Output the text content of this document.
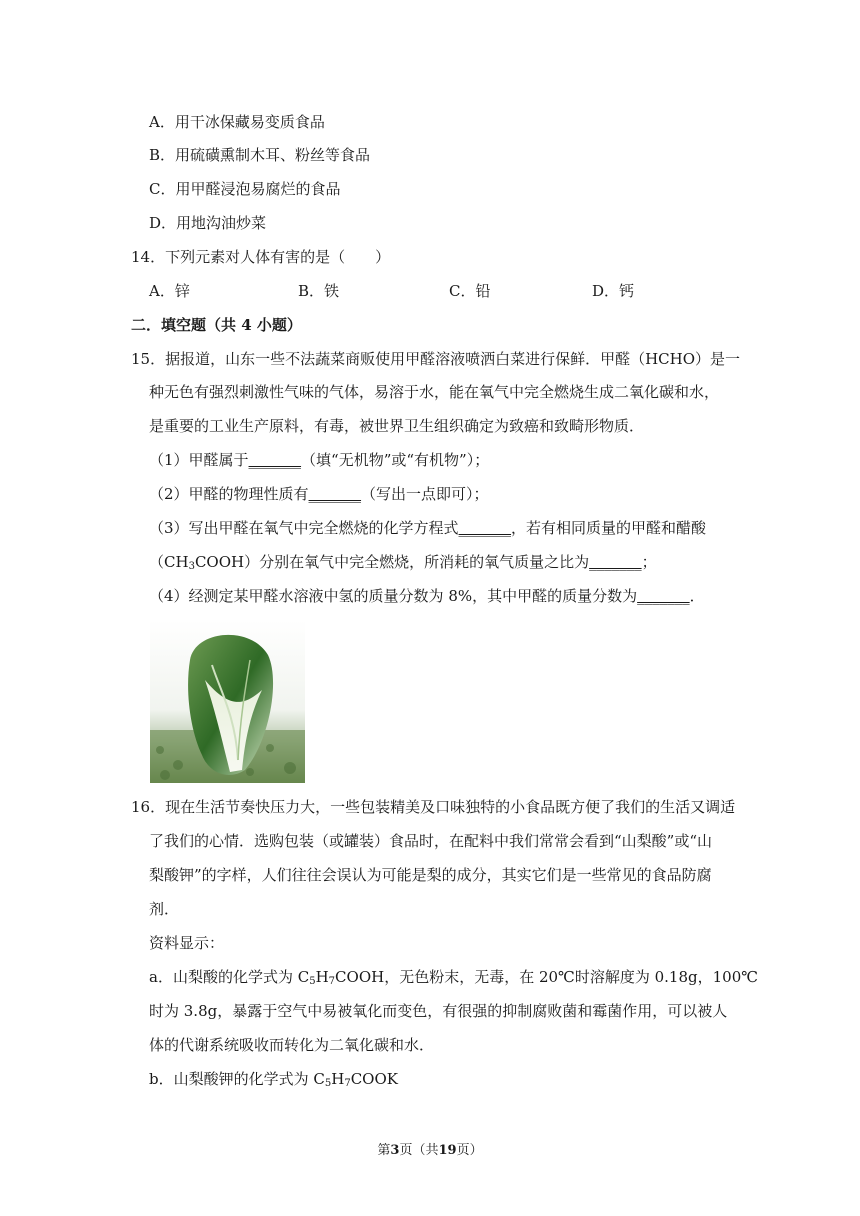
A．用干冰保藏易变质食品
B．用硫磺熏制木耳、粉丝等食品
C．用甲醛浸泡易腐烂的食品
D．用地沟油炒菜
14．下列元素对人体有害的是（　　）
A．锌	B．铁	C．铅	D．钙
二．填空题（共 4 小题）
15．据报道，山东一些不法蔬菜商贩使用甲醛溶液喷洒白菜进行保鲜．甲醛（HCHO）是一
种无色有强烈刺激性气味的气体，易溶于水，能在氧气中完全燃烧生成二氧化碳和水，
是重要的工业生产原料，有毒，被世界卫生组织确定为致癌和致畸形物质．
（1）甲醛属于_______（填“无机物”或“有机物”）；
（2）甲醛的物理性质有_______（写出一点即可）；
（3）写出甲醛在氧气中完全燃烧的化学方程式_______，若有相同质量的甲醛和醋酸
$(CH_3COOH)$分别在氧气中完全燃烧，所消耗的氧气质量之比为_______；
（4）经测定某甲醛水溶液中氢的质量分数为 8%，其中甲醛的质量分数为_______．
16．现在生活节奏快压力大，一些包装精美及口味独特的小食品既方便了我们的生活又调适
了我们的心情．选购包装（或罐装）食品时，在配料中我们常常会看到“山梨酸”或“山
梨酸钾”的字样，人们往往会误认为可能是梨的成分，其实它们是一些常见的食品防腐
剂．
资料显示：
a．山梨酸的化学式为 $C_5H_7COOH$，无色粉末，无毒，在 20℃时溶解度为 0.18g，100℃
时为 3.8g，暴露于空气中易被氧化而变色，有很强的抑制腐败菌和霉菌作用，可以被人
体的代谢系统吸收而转化为二氧化碳和水．
b．山梨酸钾的化学式为 $C_5H_7COOK$
第3页（共19页）
